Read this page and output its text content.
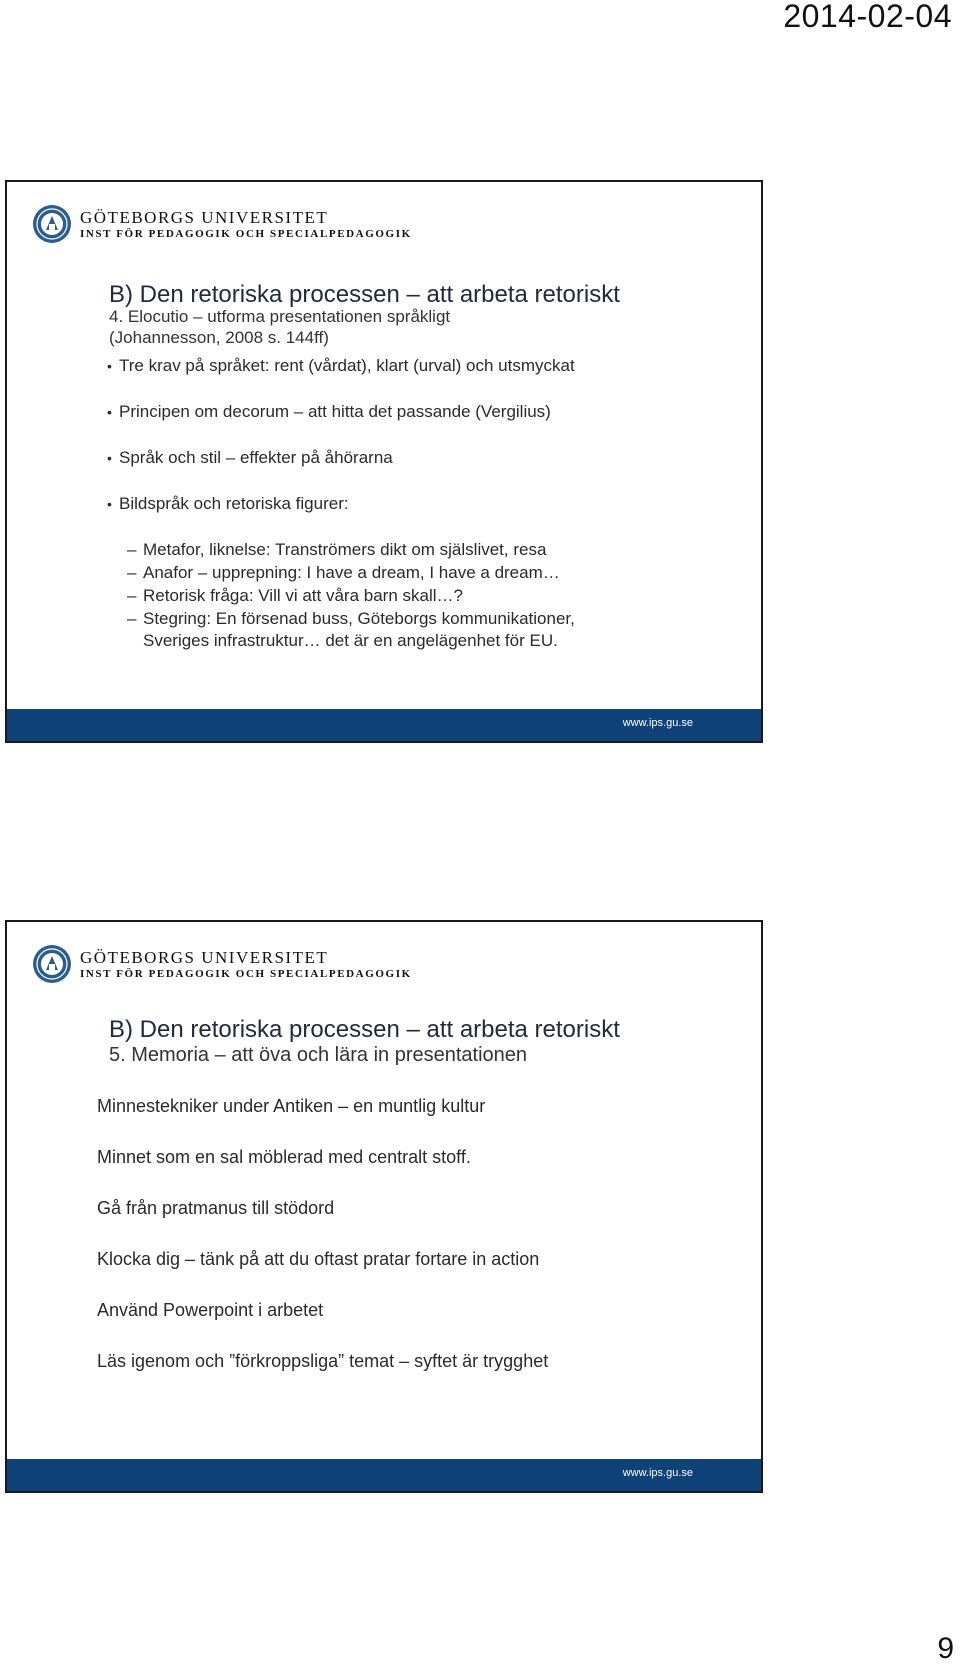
2014-02-04
GÖTEBORGS UNIVERSITET
INST FÖR PEDAGOGIK OCH SPECIALPEDAGOGIK
B) Den retoriska processen – att arbeta retoriskt
4. Elocutio – utforma presentationen språkligt (Johannesson, 2008 s. 144ff)
• Tre krav på språket: rent (vårdat), klart (urval) och utsmyckat
• Principen om decorum – att hitta det passande (Vergilius)
• Språk och stil – effekter på åhörarna
• Bildspråk och retoriska figurer:
– Metafor, liknelse: Tranströmers dikt om själslivet, resa
– Anafor – upprepning: I have a dream, I have a dream…
– Retorisk fråga: Vill vi att våra barn skall…?
– Stegring: En försenad buss, Göteborgs kommunikationer, Sveriges infrastruktur… det är en angelägenhet för EU.
www.ips.gu.se
GÖTEBORGS UNIVERSITET
INST FÖR PEDAGOGIK OCH SPECIALPEDAGOGIK
B) Den retoriska processen – att arbeta retoriskt
5. Memoria – att öva och lära in presentationen
Minnestekniker under Antiken – en muntlig kultur
Minnet som en sal möblerad med centralt stoff.
Gå från pratmanus till stödord
Klocka dig – tänk på att du oftast pratar fortare in action
Använd Powerpoint i arbetet
Läs igenom och ”förkroppsliga” temat – syftet är trygghet
www.ips.gu.se
9
